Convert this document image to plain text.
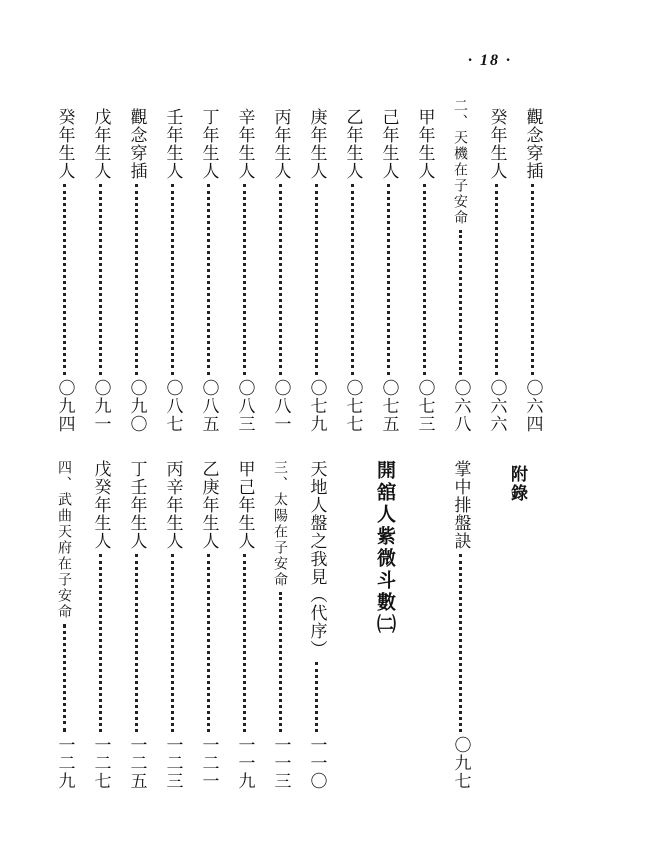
· 18 ·
觀念穿插
〇六四
癸年生人
〇六六
二、天機在子安命
〇六八
甲年生人
〇七三
己年生人
〇七五
乙年生人
〇七七
庚年生人
〇七九
丙年生人
〇八一
辛年生人
〇八三
丁年生人
〇八五
壬年生人
〇八七
觀念穿插
〇九〇
戊年生人
〇九一
癸年生人
〇九四
附錄
掌中排盤訣
〇九七
開舘人紫微斗數㈡
天地人盤之我見（代序）
一一〇
三、太陽在子安命
一一三
甲己年生人
一一九
乙庚年生人
一二一
丙辛年生人
一二三
丁壬年生人
一二五
戊癸年生人
一二七
四、武曲天府在子安命
一二九
